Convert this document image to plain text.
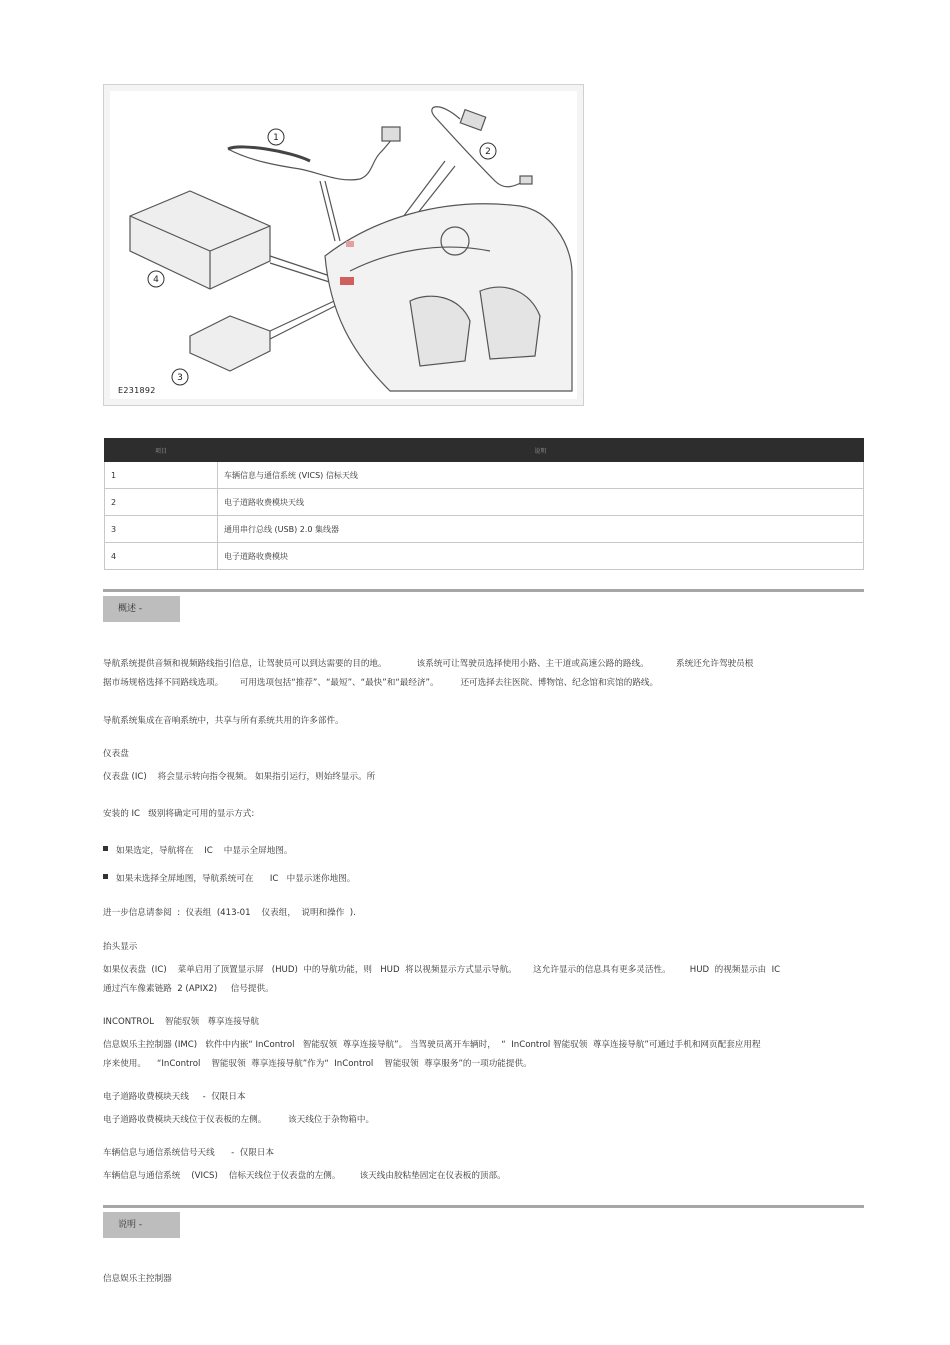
1
2
3
4
E231892
项目	说明
1	车辆信息与通信系统 (VICS) 信标天线
2	电子道路收费模块天线
3	通用串行总线 (USB) 2.0 集线器
4	电子道路收费模块
概述 -
导航系统提供音频和视频路线指引信息，让驾驶员可以到达需要的目的地。           该系统可让驾驶员选择使用小路、主干道或高速公路的路线。          系统还允许驾驶员根
据市场规格选择不同路线选项。      可用选项包括“推荐”、“最短”、“最快”和“最经济”。        还可选择去往医院、博物馆、纪念馆和宾馆的路线。
导航系统集成在音响系统中，共享与所有系统共用的许多部件。
仪表盘
仪表盘 (IC)    将会显示转向指令视频。 如果指引运行，则始终显示。所
安装的 IC   级别将确定可用的显示方式:
如果选定，导航将在    IC    中显示全屏地图。
如果未选择全屏地图，导航系统可在      IC   中显示迷你地图。
进一步信息请参阅  :  仪表组  (413-01    仪表组，  说明和操作  ).
抬头显示
如果仪表盘  (IC)    菜单启用了顶置显示屏   (HUD)  中的导航功能，则   HUD  将以视频显示方式显示导航。      这允许显示的信息具有更多灵活性。       HUD  的视频显示由  IC
通过汽车像素链路  2 (APIX2)     信号提供。
INCONTROL    智能驭领   尊享连接导航
信息娱乐主控制器 (IMC)   软件中内嵌“ InControl   智能驭领  尊享连接导航”。 当驾驶员离开车辆时，  “  InControl 智能驭领  尊享连接导航”可通过手机和网页配套应用程
序来使用。    “InControl    智能驭领  尊享连接导航”作为“  InControl    智能驭领  尊享服务”的一项功能提供。
电子道路收费模块天线     -  仅限日本
电子道路收费模块天线位于仪表板的左侧。        该天线位于杂物箱中。
车辆信息与通信系统信号天线      -  仅限日本
车辆信息与通信系统    (VICS)    信标天线位于仪表盘的左侧。       该天线由胶粘垫固定在仪表板的顶部。
说明 -
信息娱乐主控制器
